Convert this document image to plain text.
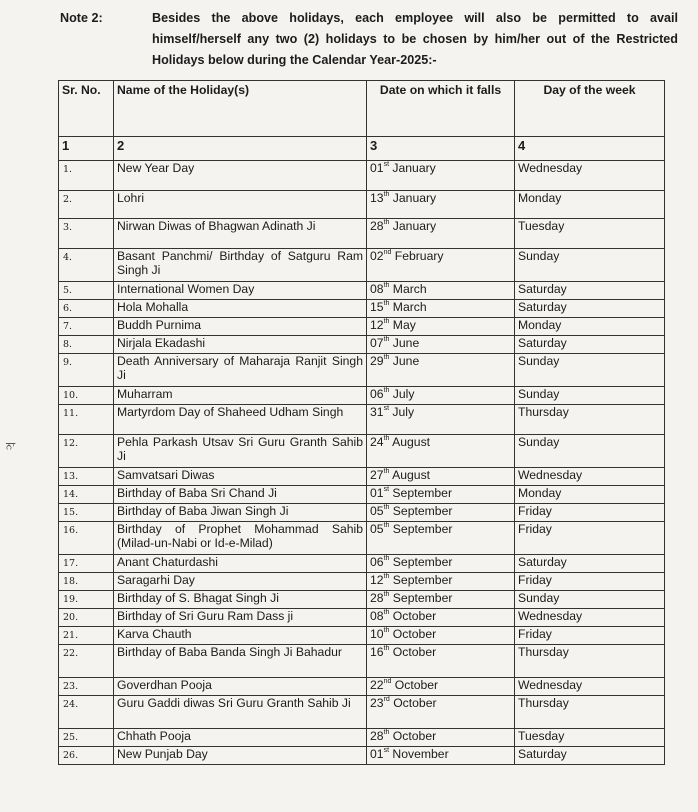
Note 2:	Besides the above holidays, each employee will also be permitted to avail himself/herself any two (2) holidays to be chosen by him/her out of the Restricted Holidays below during the Calendar Year-2025:-
ਨਾ
Sr. No.	Name of the Holiday(s)	Date on which it falls	Day of the week
1	2	3	4
1.	New Year Day	01st January	Wednesday
2.	Lohri	13th January	Monday
3.	Nirwan Diwas of Bhagwan Adinath Ji	28th January	Tuesday
4.	Basant Panchmi/ Birthday of Satguru Ram Singh Ji	02nd February	Sunday
5.	International Women Day	08th March	Saturday
6.	Hola Mohalla	15th March	Saturday
7.	Buddh Purnima	12th May	Monday
8.	Nirjala Ekadashi	07th June	Saturday
9.	Death Anniversary of Maharaja Ranjit Singh Ji	29th June	Sunday
10.	Muharram	06th July	Sunday
11.	Martyrdom Day of Shaheed Udham Singh	31st July	Thursday
12.	Pehla Parkash Utsav Sri Guru Granth Sahib Ji	24th August	Sunday
13.	Samvatsari Diwas	27th August	Wednesday
14.	Birthday of Baba Sri Chand Ji	01st September	Monday
15.	Birthday of Baba Jiwan Singh Ji	05th September	Friday
16.	Birthday of Prophet Mohammad Sahib (Milad-un-Nabi or Id-e-Milad)	05th September	Friday
17.	Anant Chaturdashi	06th September	Saturday
18.	Saragarhi Day	12th September	Friday
19.	Birthday of S. Bhagat Singh Ji	28th September	Sunday
20.	Birthday of Sri Guru Ram Dass ji	08th October	Wednesday
21.	Karva Chauth	10th October	Friday
22.	Birthday of Baba Banda Singh Ji Bahadur	16th October	Thursday
23.	Goverdhan Pooja	22nd October	Wednesday
24.	Guru Gaddi diwas Sri Guru Granth Sahib Ji	23rd October	Thursday
25.	Chhath Pooja	28th October	Tuesday
26.	New Punjab Day	01st November	Saturday
